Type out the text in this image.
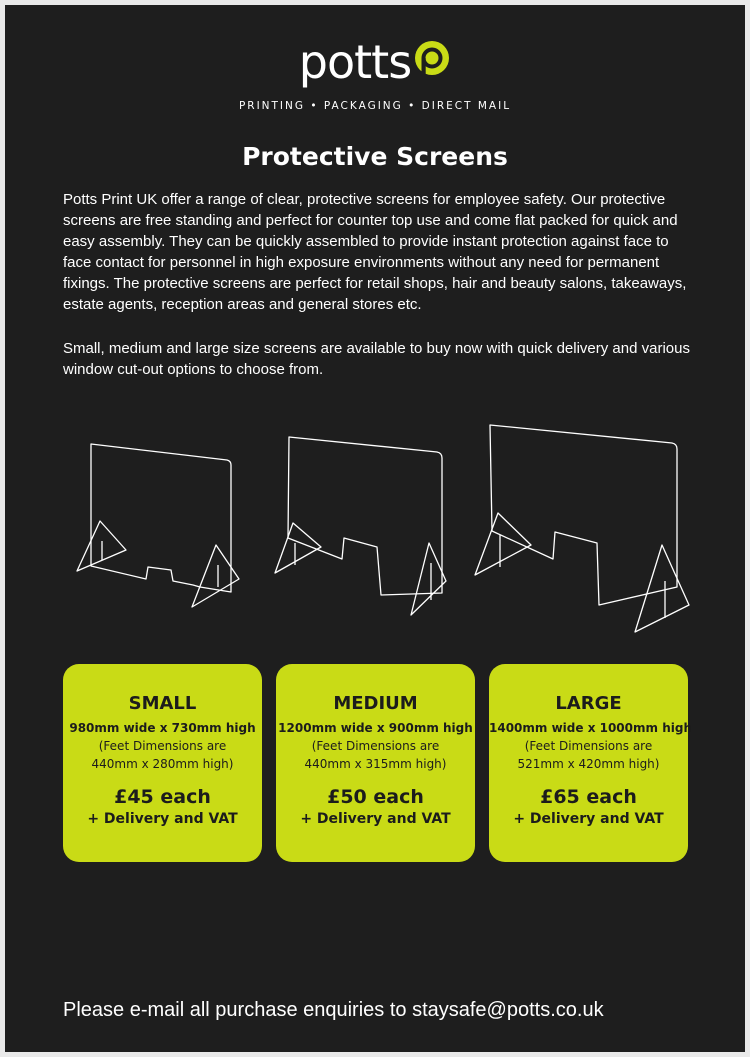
potts
PRINTING • PACKAGING • DIRECT MAIL
Protective Screens

Potts Print UK offer a range of clear, protective screens for employee safety. Our protective screens are free standing and perfect for counter top use and come flat packed for quick and easy assembly. They can be quickly assembled to provide instant protection against face to face contact for personnel in high exposure environments without any need for permanent fixings. The protective screens are perfect for retail shops, hair and beauty salons, takeaways, estate agents, reception areas and general stores etc.

Small, medium and large size screens are available to buy now with quick delivery and various window cut-out options to choose from.

SMALL
980mm wide x 730mm high
(Feet Dimensions are
440mm x 280mm high)
£45 each
+ Delivery and VAT
MEDIUM
1200mm wide x 900mm high
(Feet Dimensions are
440mm x 315mm high)
£50 each
+ Delivery and VAT
LARGE
1400mm wide x 1000mm high
(Feet Dimensions are
521mm x 420mm high)
£65 each
+ Delivery and VAT
Please e-mail all purchase enquiries to staysafe@potts.co.uk
